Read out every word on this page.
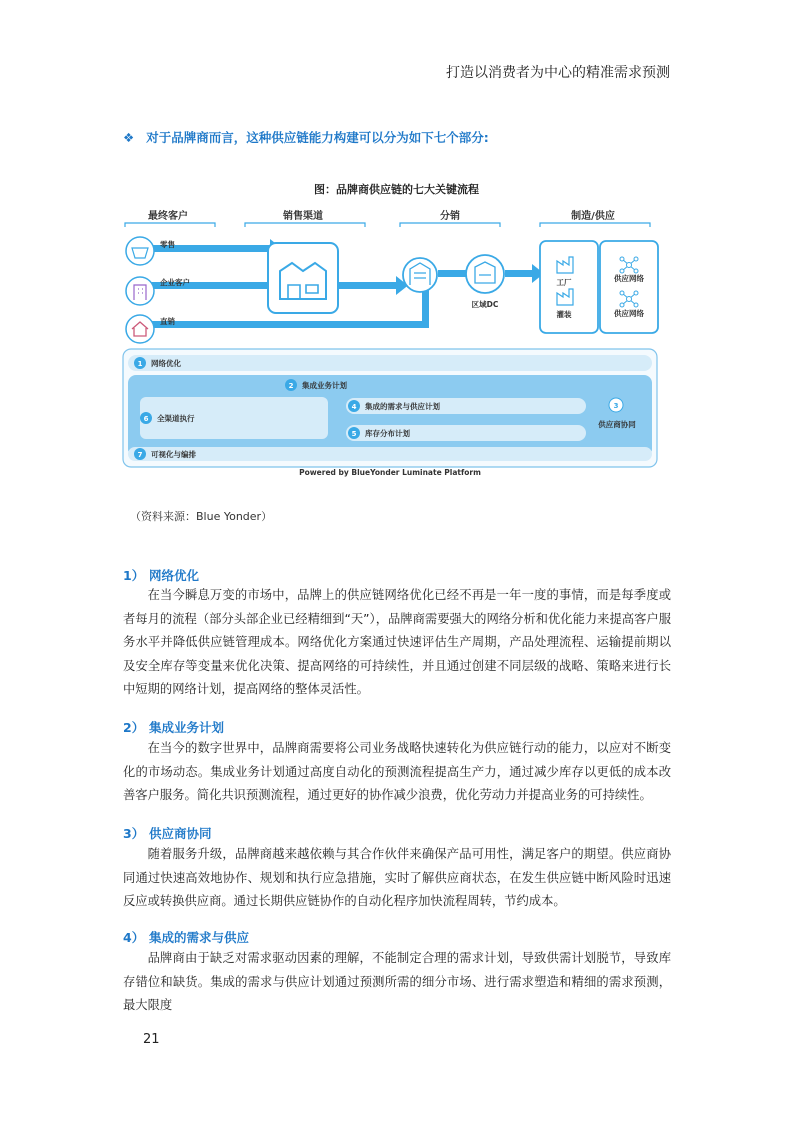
打造以消费者为中心的精准需求预测
❖ 对于品牌商而言，这种供应链能力构建可以分为如下七个部分:
图：品牌商供应链的七大关键流程
最终客户	销售渠道	分销	制造/供应
零售
企业客户
直销
区域DC
工厂
灌装
供应网络
供应网络
1 网络优化
2 集成业务计划
3
供应商协同
4 集成的需求与供应计划
5 库存分布计划
6 全渠道执行
7 可视化与编排
Powered by BlueYonder Luminate Platform
（资料来源：Blue Yonder）
1） 网络优化

在当今瞬息万变的市场中，品牌上的供应链网络优化已经不再是一年一度的事情，而是每季度或者每月的流程（部分头部企业已经精细到“天”），品牌商需要强大的网络分析和优化能力来提高客户服务水平并降低供应链管理成本。网络优化方案通过快速评估生产周期，产品处理流程、运输提前期以及安全库存等变量来优化决策、提高网络的可持续性，并且通过创建不同层级的战略、策略来进行长中短期的网络计划，提高网络的整体灵活性。

2） 集成业务计划

在当今的数字世界中，品牌商需要将公司业务战略快速转化为供应链行动的能力，以应对不断变化的市场动态。集成业务计划通过高度自动化的预测流程提高生产力，通过减少库存以更低的成本改善客户服务。简化共识预测流程，通过更好的协作减少浪费，优化劳动力并提高业务的可持续性。

3） 供应商协同

随着服务升级，品牌商越来越依赖与其合作伙伴来确保产品可用性，满足客户的期望。供应商协同通过快速高效地协作、规划和执行应急措施，实时了解供应商状态，在发生供应链中断风险时迅速反应或转换供应商。通过长期供应链协作的自动化程序加快流程周转，节约成本。

4） 集成的需求与供应

品牌商由于缺乏对需求驱动因素的理解，不能制定合理的需求计划，导致供需计划脱节，导致库存错位和缺货。集成的需求与供应计划通过预测所需的细分市场、进行需求塑造和精细的需求预测，最大限度

21
